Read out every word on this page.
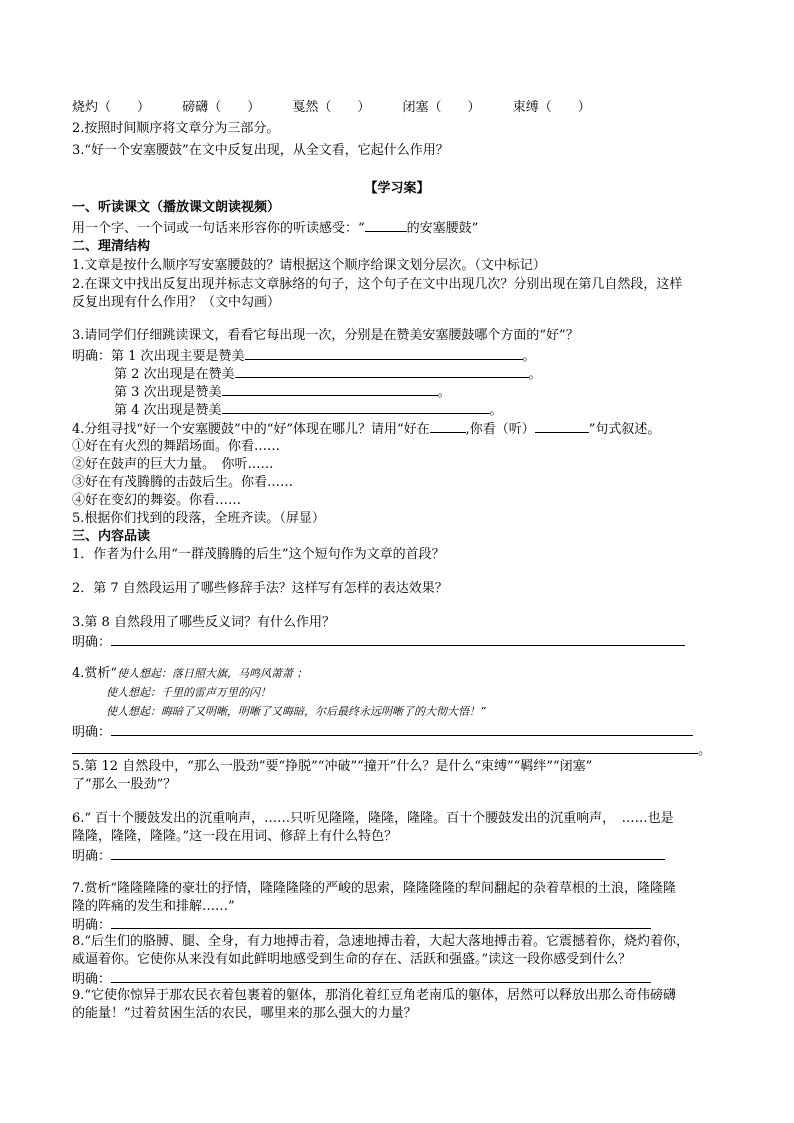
烧灼（　　） 磅礴（　　） 戛然（　　） 闭塞（　　） 束缚（　　）
2.按照时间顺序将文章分为三部分。
3.“好一个安塞腰鼓”在文中反复出现，从全文看，它起什么作用？
【学习案】
一、听读课文（播放课文朗读视频）
用一个字、一个词或一句话来形容你的听读感受：“	的安塞腰鼓”
二、理清结构
1.文章是按什么顺序写安塞腰鼓的？请根据这个顺序给课文划分层次。（文中标记）
2.在课文中找出反复出现并标志文章脉络的句子，这个句子在文中出现几次？分别出现在第几自然段，这样
反复出现有什么作用？（文中勾画）
3.请同学们仔细跳读课文，看看它每出现一次，分别是在赞美安塞腰鼓哪个方面的“好”？
明确：第 1 次出现主要是赞美	。
第 2 次出现是在赞美	。
第 3 次出现是赞美	。
第 4 次出现是赞美	。
4.分组寻找“好一个安塞腰鼓”中的“好”体现在哪儿？请用“好在	,你看（听）	”句式叙述。
①好在有火烈的舞蹈场面。你看……
②好在鼓声的巨大力量。　你听……
③好在有茂腾腾的击鼓后生。你看……
④好在变幻的舞姿。你看……
5.根据你们找到的段落，全班齐读。（屏显）
三、内容品读
1．作者为什么用“一群茂腾腾的后生”这个短句作为文章的首段？
2．第 7 自然段运用了哪些修辞手法？这样写有怎样的表达效果？
3.第 8 自然段用了哪些反义词？有什么作用？
明确：
4.赏析“使人想起：落日照大旗，马鸣风萧萧 ；
使人想起：千里的雷声万里的闪！
使人想起：晦暗了又明晰，明晰了又晦暗，尔后最终永远明晰了的大彻大悟！”
明确：
。
5.第 12 自然段中，“那么一股劲”要“挣脱”“冲破”“撞开”什么？是什么“束缚”“羁绊”“闭塞”
了“那么一股劲”？
6.“ 百十个腰鼓发出的沉重响声，……只听见隆隆，隆隆，隆隆。百十个腰鼓发出的沉重响声，　……也是
隆隆，隆隆，隆隆。”这一段在用词、修辞上有什么特色？
明确：
7.赏析“隆隆隆隆的豪壮的抒情，隆隆隆隆的严峻的思索，隆隆隆隆的犁间翻起的杂着草根的土浪，隆隆隆
隆的阵痛的发生和排解……”
明确：
8.“后生们的胳膊、腿、全身，有力地搏击着，急速地搏击着，大起大落地搏击着。它震撼着你，烧灼着你，
威逼着你。它使你从来没有如此鲜明地感受到生命的存在、活跃和强盛。”读这一段你感受到什么？
明确：
9.“它使你惊异于那农民衣着包裹着的躯体，那消化着红豆角老南瓜的躯体，居然可以释放出那么奇伟磅礴
的能量！”过着贫困生活的农民，哪里来的那么强大的力量？
